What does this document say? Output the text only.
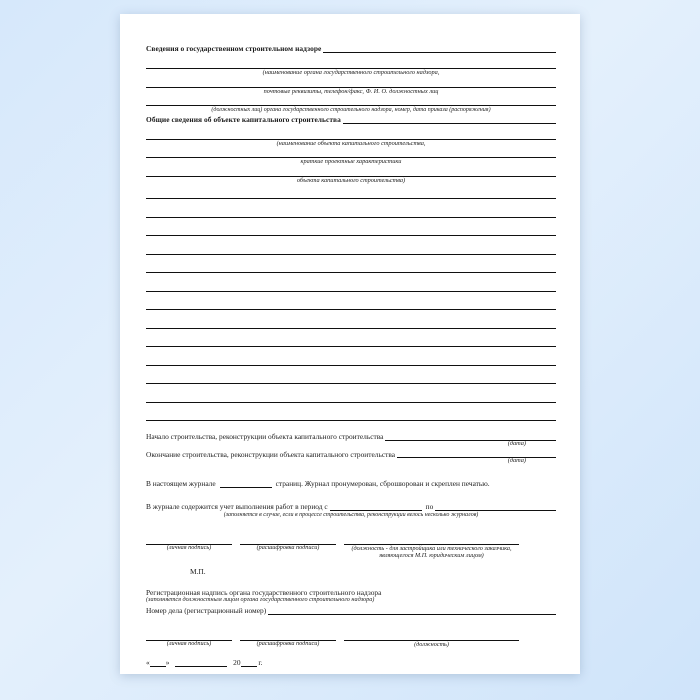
Сведения о государственном строительном надзоре
(наименование органа государственного строительного надзора,
почтовые реквизиты, телефон/факс, Ф. И. О. должностных лиц
(должностных лиц) органа государственного строительного надзора, номер, дата приказа (распоряжения)
Общие сведения об объекте капитального строительства
(наименование объекта капитального строительства,
краткие проектные характеристики
объекта капитального строительства)
Начало строительства, реконструкции объекта капитального строительства
(дата)
Окончание строительства, реконструкции объекта капитального строительства
(дата)
В настоящем журнале	страниц. Журнал пронумерован, сброшюрован и скреплен печатью.
В журнале содержится учет выполнения работ в период с	по
(заполняется в случае, если в процессе строительства, реконструкции велось несколько журналов)
(личная подпись)	(расшифровка подписи)	(должность - для застройщика или технического заказчика,
являющегося М.П. юридическим лицом)
М.П.
Регистрационная надпись органа государственного строительного надзора
(заполняется должностным лицом органа государственного строительного надзора)
Номер дела (регистрационный номер)
(личная подпись)	(расшифровка подписи)	(должность)
« »	20 г.
